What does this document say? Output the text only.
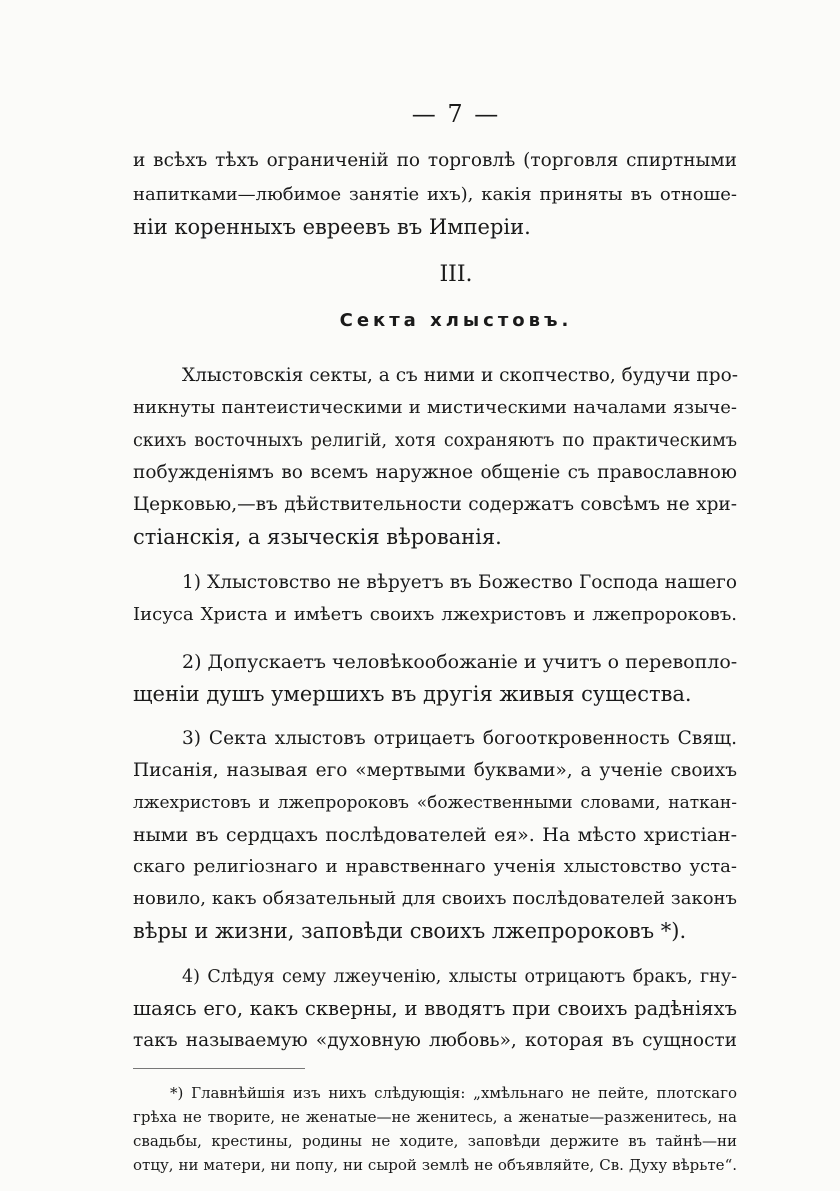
— 7 —
и всѣхъ тѣхъ ограниченій по торговлѣ (торговля спиртными
напитками—любимое занятіе ихъ), какія приняты въ отноше-
ніи коренныхъ евреевъ въ Имперіи.
III.
Секта хлыстовъ.
Хлыстовскія секты, а съ ними и скопчество, будучи про-
никнуты пантеистическими и мистическими началами языче-
скихъ восточныхъ религій, хотя сохраняютъ по практическимъ
побужденіямъ во всемъ наружное общеніе съ православною
Церковью,—въ дѣйствительности содержатъ совсѣмъ не хри-
стіанскія, а языческія вѣрованія.
1) Хлыстовство не вѣруетъ въ Божество Господа нашего
Іисуса Христа и имѣетъ своихъ лжехристовъ и лжепророковъ.
2) Допускаетъ человѣкообожаніе и учитъ о перевопло-
щеніи душъ умершихъ въ другія живыя существа.
3) Секта хлыстовъ отрицаетъ богооткровенность Свящ.
Писанія, называя его «мертвыми буквами», а ученіе своихъ
лжехристовъ и лжепророковъ «божественными словами, наткан-
ными въ сердцахъ послѣдователей ея». На мѣсто христіан-
скаго религіознаго и нравственнаго ученія хлыстовство уста-
новило, какъ обязательный для своихъ послѣдователей законъ
вѣры и жизни, заповѣди своихъ лжепророковъ *).
4) Слѣдуя сему лжеученію, хлысты отрицаютъ бракъ, гну-
шаясь его, какъ скверны, и вводятъ при своихъ радѣніяхъ
такъ называемую «духовную любовь», которая въ сущности
*) Главнѣйшія изъ нихъ слѣдующія: „хмѣльнаго не пейте, плотскаго
грѣха не творите, не женатые—не женитесь, а женатые—разженитесь, на
свадьбы, крестины, родины не ходите, заповѣди держите въ тайнѣ—ни
отцу, ни матери, ни попу, ни сырой землѣ не объявляйте, Св. Духу вѣрьте“.
